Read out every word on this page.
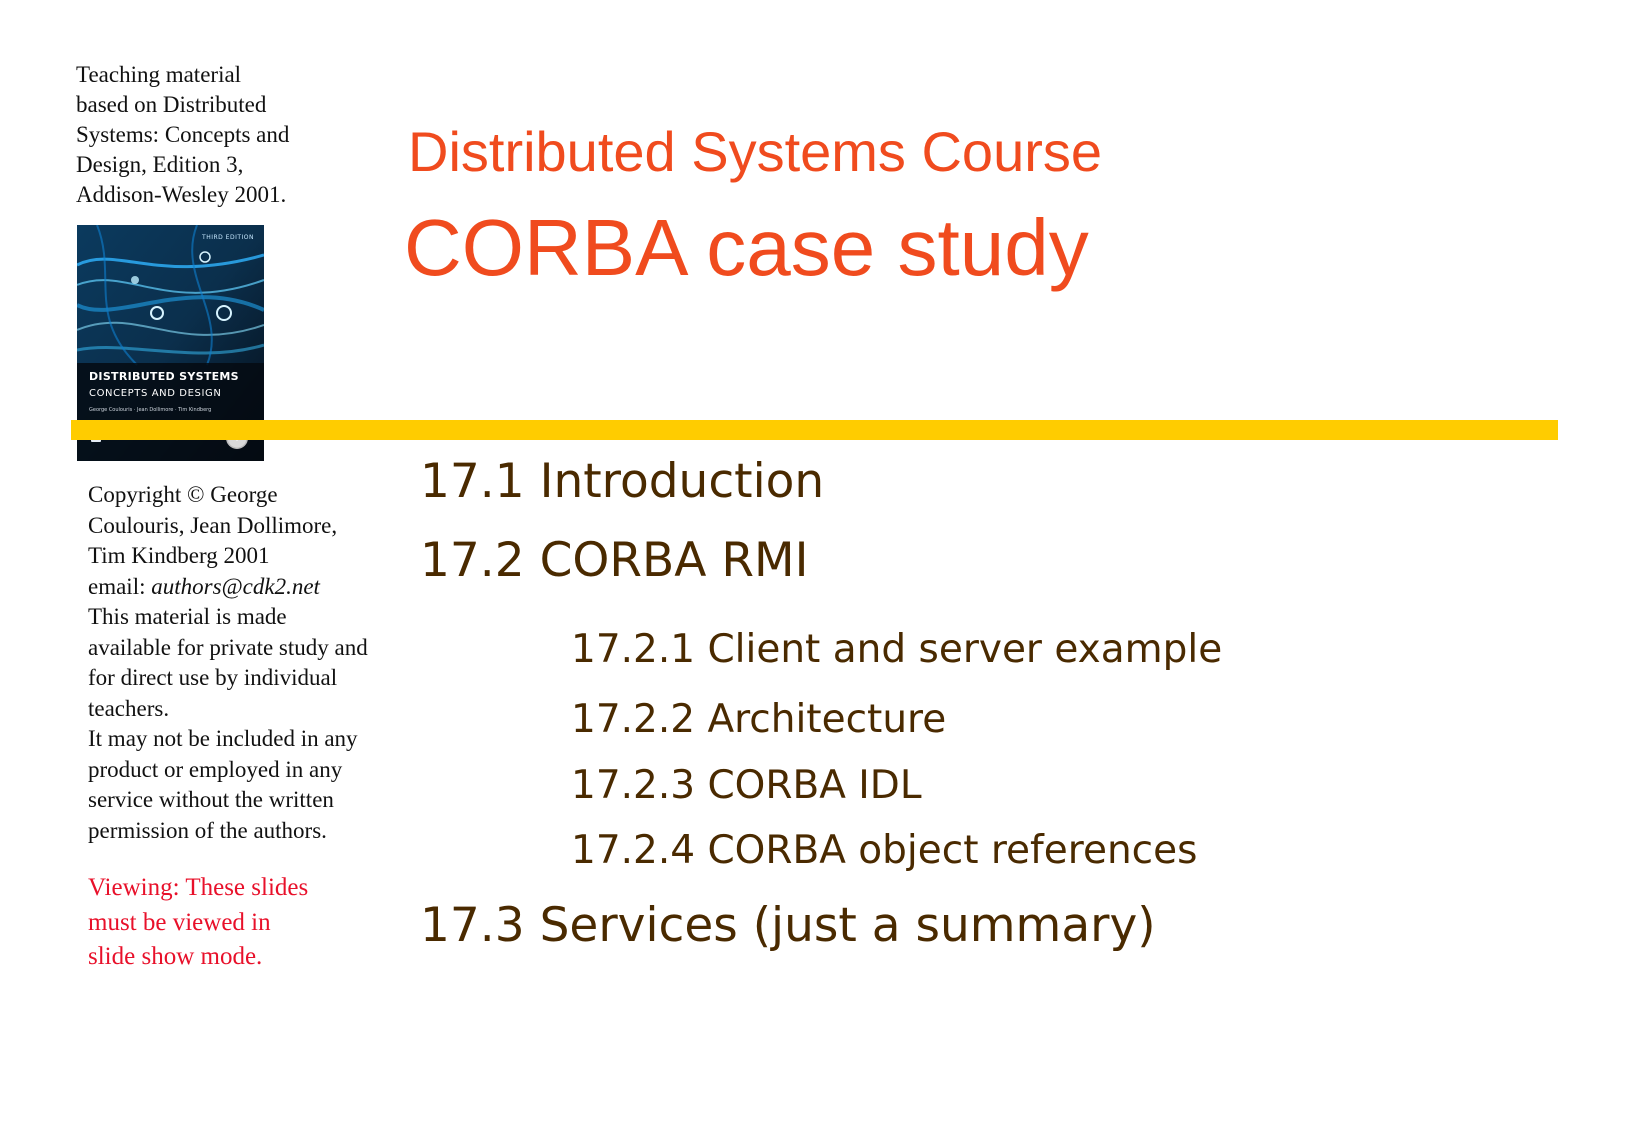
Teaching material
based on Distributed
Systems: Concepts and
Design, Edition 3,
Addison-Wesley 2001.
THIRD EDITION
DISTRIBUTED SYSTEMS
CONCEPTS AND DESIGN
George Coulouris · Jean Dollimore · Tim Kindberg
Distributed Systems Course
CORBA case study
Copyright © George
Coulouris, Jean Dollimore,
Tim Kindberg 2001
email: authors@cdk2.net
This material is made
available for private study and
for direct use by individual
teachers.
It may not be included in any
product or employed in any
service without the written
permission of the authors.
Viewing: These slides
must be viewed in
slide show mode.
17.1 Introduction
17.2 CORBA RMI
17.2.1 Client and server example
17.2.2 Architecture
17.2.3 CORBA IDL
17.2.4 CORBA object references
17.3 Services (just a summary)
